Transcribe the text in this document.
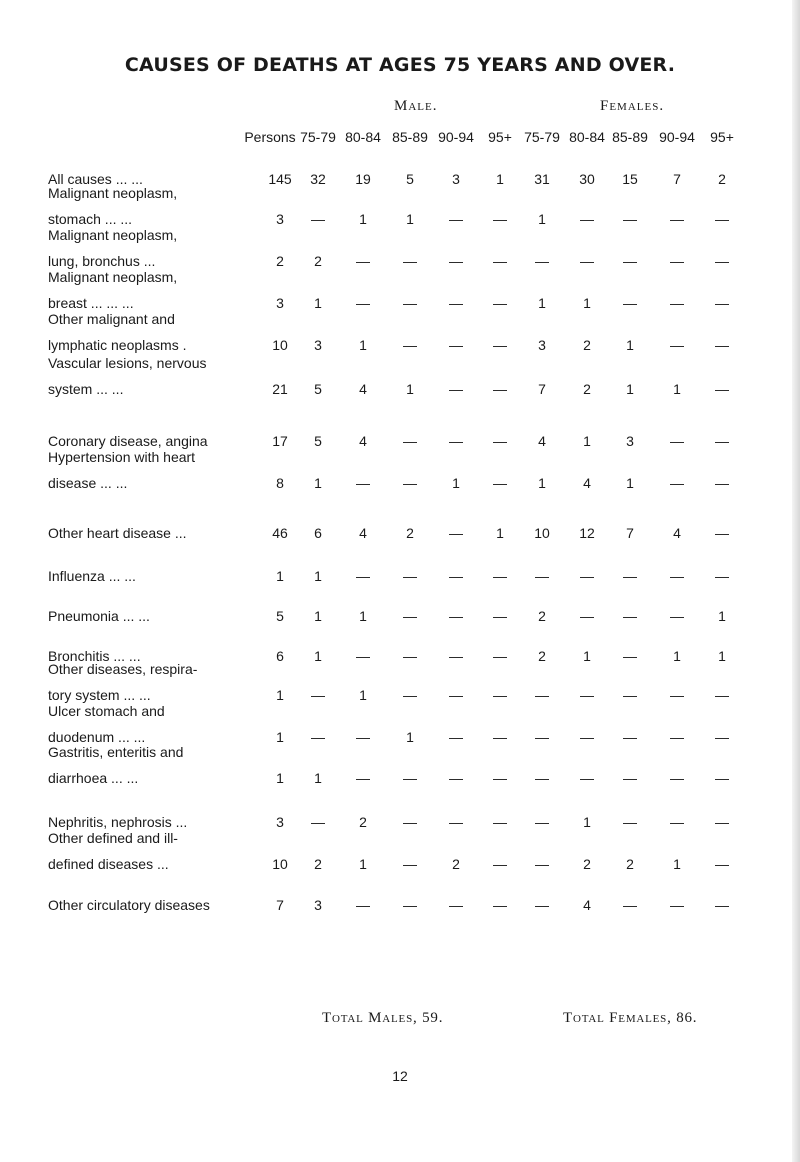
CAUSES OF DEATHS AT AGES 75 YEARS AND OVER.
Male.	Females.
Persons 75-79 80-84 85-89 90-94 95+ 75-79 80-84 85-89 90-94 95+
All causes ... ...	145 32 19	5	3	1 31 30 15	7	2
Malignant neoplasm,
stomach ... ...	3 — 1	1	— — 1 — — — —
Malignant neoplasm,
lung, bronchus ...	2 2 — — — — — — — — —
Malignant neoplasm,
breast ... ... ...	3 1 — — — — 1	1 — — —
Other malignant and
lymphatic neoplasms .	10 3	1	— — — 3	2	1	— —
Vascular lesions, nervous
system ... ...	21 5	4	1	— — 7	2	1	1 —
Coronary disease, angina	17 5	4	— — — 4	1	3	— —
Hypertension with heart
disease ... ...	8 1 — —	1 — 1	4	1	— —
Other heart disease ...	46 6	4	2	— 1 10 12 7	4 —
Influenza ... ...	1 1 — — — — — — — — —
Pneumonia ... ...	5 1	1	— — — 2 — — — 1
Bronchitis ... ...	6 1 — — — — 2	1 —	1	1
Other diseases, respira-
tory system ... ...	1 — 1	— — — — — — — —
Ulcer stomach and
duodenum ... ...	1 — —	1	— — — — — — —
Gastritis, enteritis and
diarrhoea ... ...	1 1 — — — — — — — — —
Nephritis, nephrosis ...	3 — 2	— — — — 1 — — —
Other defined and ill-
defined diseases ...	10 2	1	—	2 — — 2	2	1 —
Other circulatory diseases	7 3 — — — — — 4 — — —
Total Males, 59.	Total Females, 86.
12
